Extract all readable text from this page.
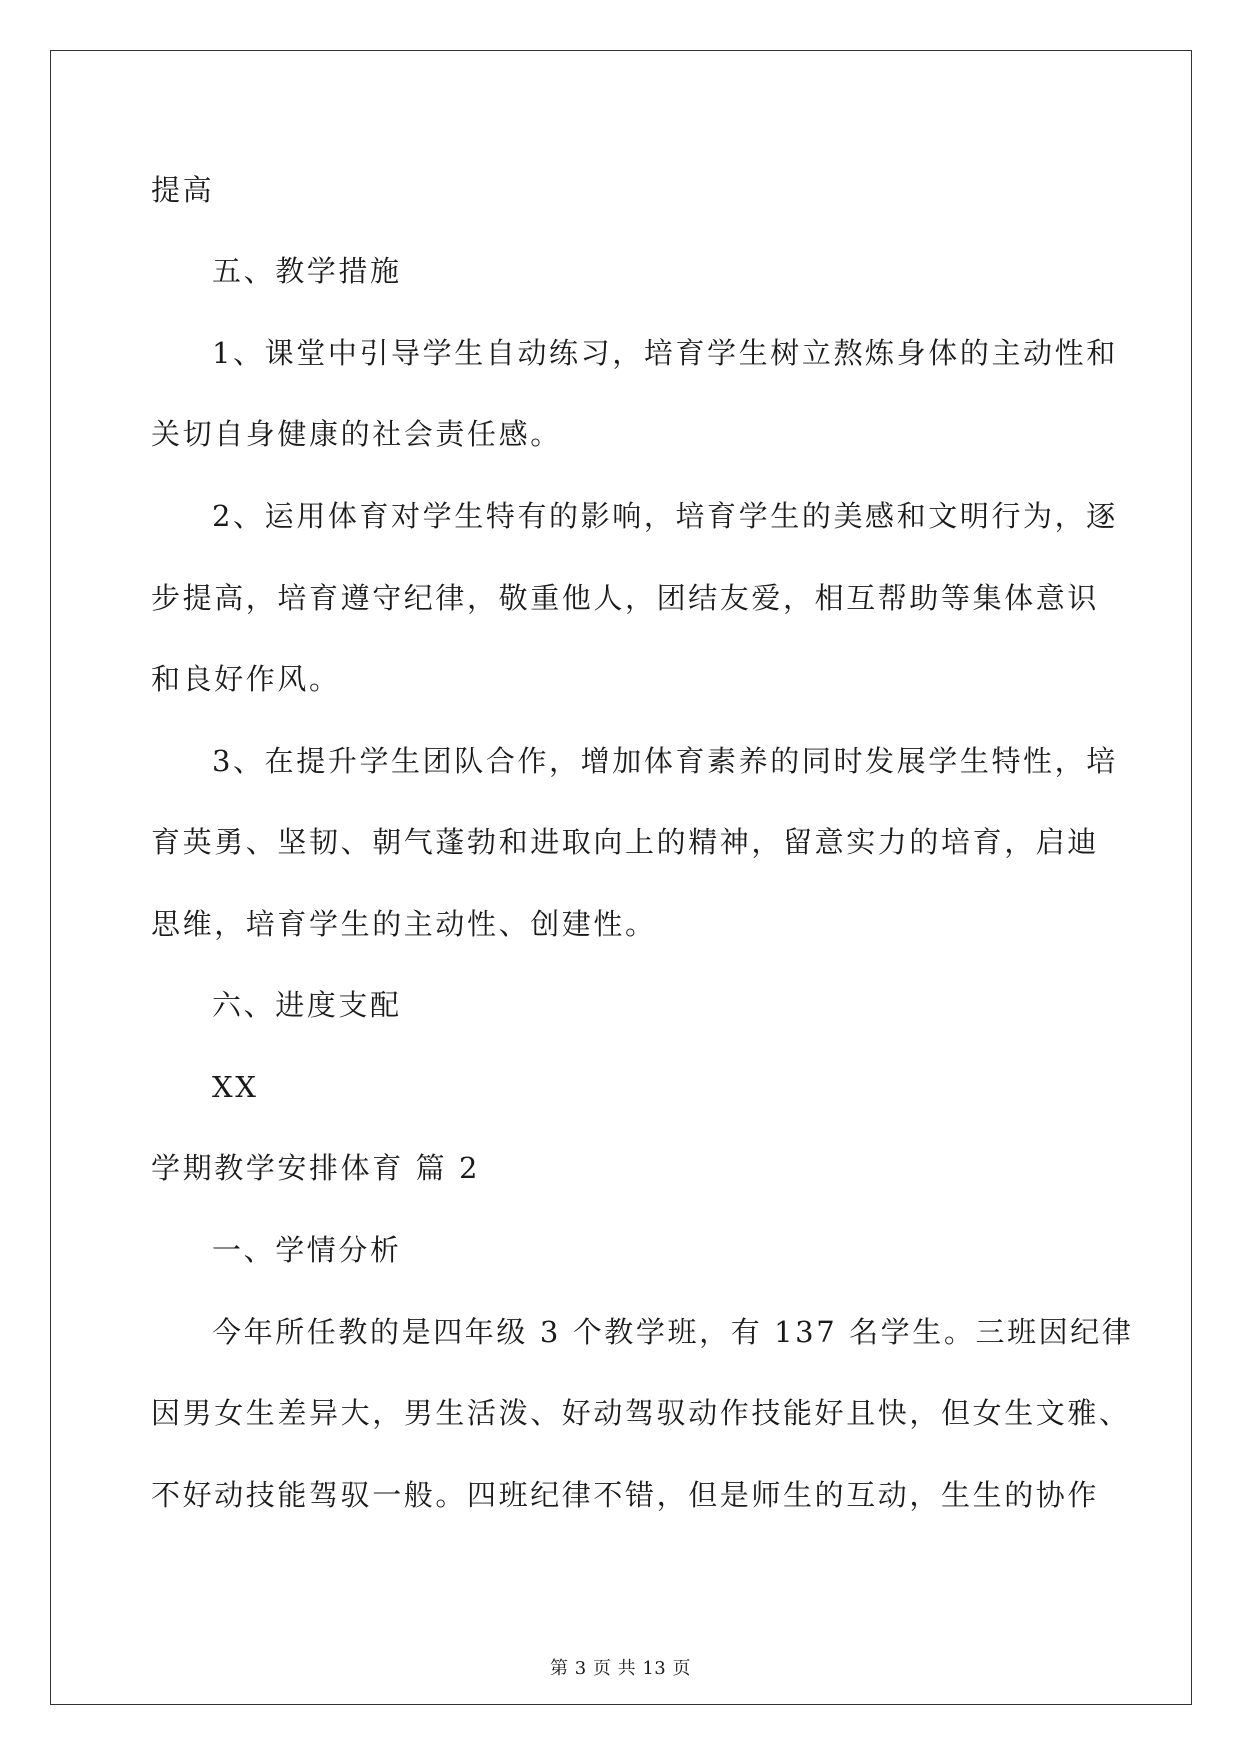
提高

五、教学措施

1、课堂中引导学生自动练习，培育学生树立熬炼身体的主动性和

关切自身健康的社会责任感。

2、运用体育对学生特有的影响，培育学生的美感和文明行为，逐

步提高，培育遵守纪律，敬重他人，团结友爱，相互帮助等集体意识

和良好作风。

3、在提升学生团队合作，增加体育素养的同时发展学生特性，培

育英勇、坚韧、朝气蓬勃和进取向上的精神，留意实力的培育，启迪

思维，培育学生的主动性、创建性。

六、进度支配

XX

学期教学安排体育 篇 2

一、学情分析

今年所任教的是四年级 3 个教学班，有 137 名学生。三班因纪律

因男女生差异大，男生活泼、好动驾驭动作技能好且快，但女生文雅、

不好动技能驾驭一般。四班纪律不错，但是师生的互动，生生的协作

第 3 页 共 13 页
